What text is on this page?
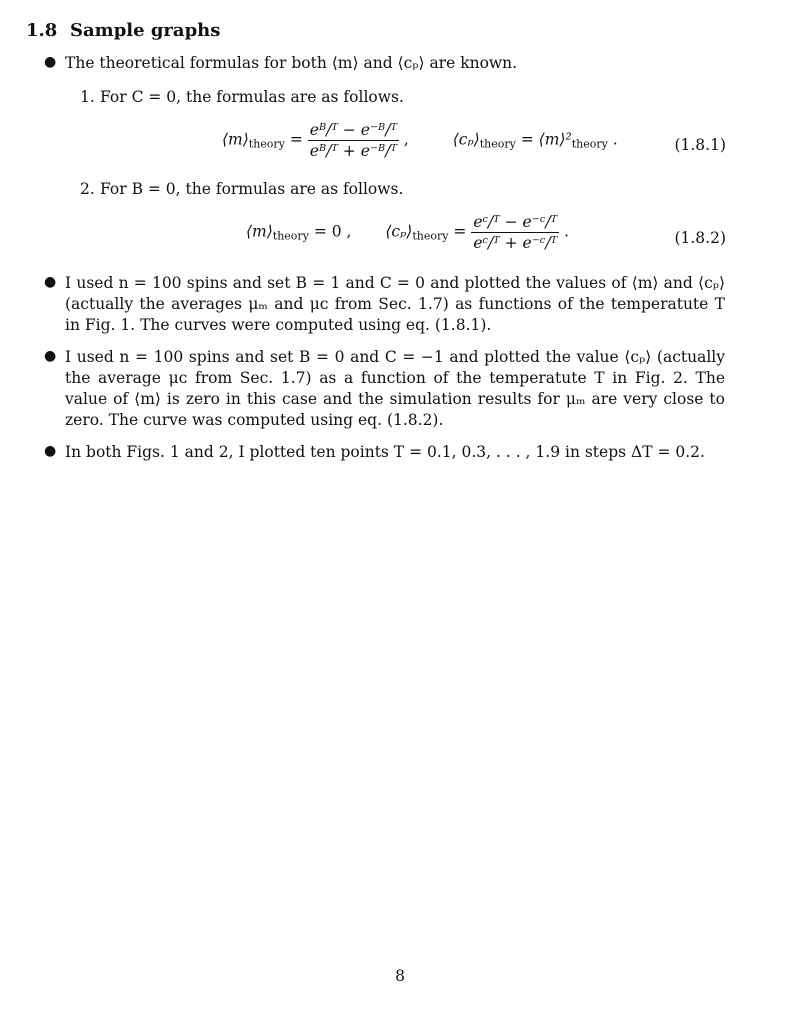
1.8 Sample graphs
● The theoretical formulas for both ⟨m⟩ and ⟨cₚ⟩ are known.
1. For C = 0, the formulas are as follows.
$⟨m⟩_{theory} = \frac{\text{eᴮ/ᵀ − e⁻ᴮ/ᵀ}}{\text{eᴮ/ᵀ + e⁻ᴮ/ᵀ}}$ ,	$⟨c_p⟩_{theory}$ = $⟨m⟩^2_{theory}$ .	(1.8.1)
2. For B = 0, the formulas are as follows.
$⟨m⟩_{theory} = 0$ , $⟨c_p⟩_{theory} = \frac{\text{eᶜ/ᵀ − e⁻ᶜ/ᵀ}}{\text{eᶜ/ᵀ + e⁻ᶜ/ᵀ}}$ .	(1.8.2)
● I used n = 100 spins and set B = 1 and C = 0 and plotted the values of ⟨m⟩ and ⟨cₚ⟩ (actually the averages μₘ and μᴄ from Sec. 1.7) as functions of the temperatute T in Fig. 1. The curves were computed using eq. (1.8.1).
● I used n = 100 spins and set B = 0 and C = −1 and plotted the value ⟨cₚ⟩ (actually the average μᴄ from Sec. 1.7) as a function of the temperatute T in Fig. 2. The value of ⟨m⟩ is zero in this case and the simulation results for μₘ are very close to zero. The curve was computed using eq. (1.8.2).
● In both Figs. 1 and 2, I plotted ten points T = 0.1, 0.3, . . . , 1.9 in steps ΔT = 0.2.
8
